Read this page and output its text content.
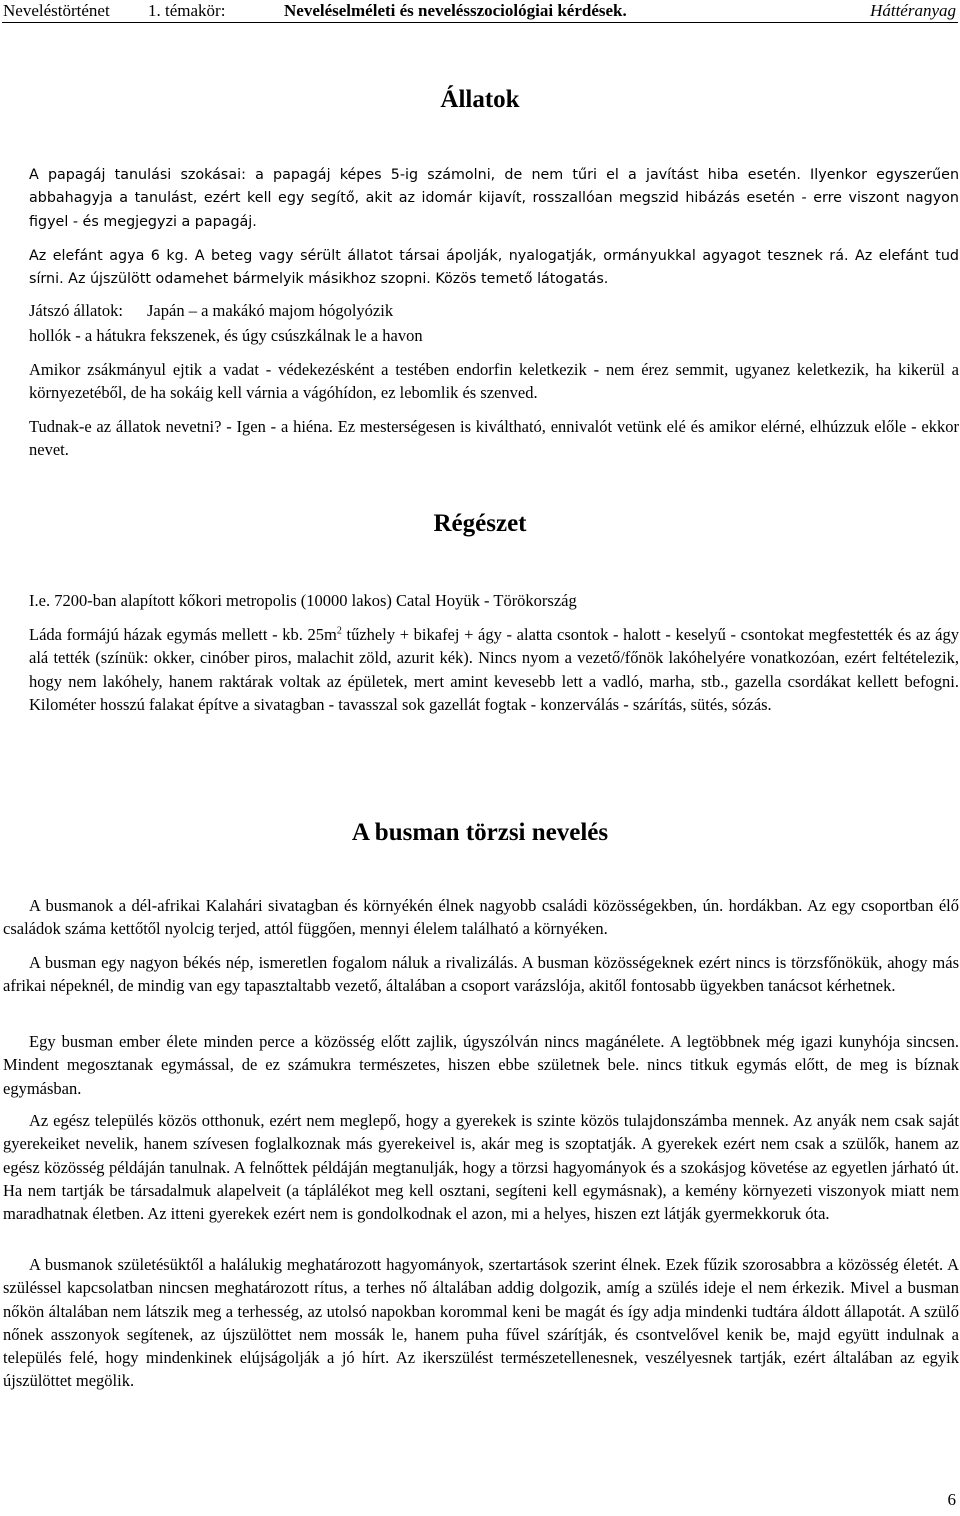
Neveléstörténet 1. témakör:	Neveléselméleti és nevelésszociológiai kérdések.	Háttéranyag
Állatok

A papagáj tanulási szokásai: a papagáj képes 5-ig számolni, de nem tűri el a javítást hiba esetén. Ilyenkor egyszerűen abbahagyja a tanulást, ezért kell egy segítő, akit az idomár kijavít, rosszallóan megszid hibázás esetén - erre viszont nagyon figyel - és megjegyzi a papagáj.

Az elefánt agya 6 kg. A beteg vagy sérült állatot társai ápolják, nyalogatják, ormányukkal agyagot tesznek rá. Az elefánt tud sírni. Az újszülött odamehet bármelyik másikhoz szopni. Közös temető látogatás.

Játszó állatok: Japán – a makákó majom hógolyózik
hollók - a hátukra fekszenek, és úgy csúszkálnak le a havon

Amikor zsákmányul ejtik a vadat - védekezésként a testében endorfin keletkezik - nem érez semmit, ugyanez keletkezik, ha kikerül a környezetéből, de ha sokáig kell várnia a vágóhídon, ez lebomlik és szenved.

Tudnak-e az állatok nevetni? - Igen - a hiéna. Ez mesterségesen is kiváltható, ennivalót vetünk elé és amikor elérné, elhúzzuk előle - ekkor nevet.

Régészet
I.e. 7200-ban alapított kőkori metropolis (10000 lakos) Catal Hoyük - Törökország

Láda formájú házak egymás mellett - kb. $25m^2$ tűzhely + bikafej + ágy - alatta csontok - halott - keselyű - csontokat megfestették és az ágy alá tették (színük: okker, cinóber piros, malachit zöld, azurit kék). Nincs nyom a vezető/főnök lakóhelyére vonatkozóan, ezért feltételezik, hogy nem lakóhely, hanem raktárak voltak az épületek, mert amint kevesebb lett a vadló, marha, stb., gazella csordákat kellett befogni. Kilométer hosszú falakat építve a sivatagban - tavasszal sok gazellát fogtak - konzerválás - szárítás, sütés, sózás.

A busman törzsi nevelés

A busmanok a dél-afrikai Kalahári sivatagban és környékén élnek nagyobb családi közösségekben, ún. hordákban. Az egy csoportban élő családok száma kettőtől nyolcig terjed, attól függően, mennyi élelem található a környéken.

A busman egy nagyon békés nép, ismeretlen fogalom náluk a rivalizálás. A busman közösségeknek ezért nincs is törzsfőnökük, ahogy más afrikai népeknél, de mindig van egy tapasztaltabb vezető, általában a csoport varázslója, akitől fontosabb ügyekben tanácsot kérhetnek.

Egy busman ember élete minden perce a közösség előtt zajlik, úgyszólván nincs magánélete. A legtöbbnek még igazi kunyhója sincsen. Mindent megosztanak egymással, de ez számukra természetes, hiszen ebbe születnek bele. nincs titkuk egymás előtt, de meg is bíznak egymásban.

Az egész település közös otthonuk, ezért nem meglepő, hogy a gyerekek is szinte közös tulajdonszámba mennek. Az anyák nem csak saját gyerekeiket nevelik, hanem szívesen foglalkoznak más gyerekeivel is, akár meg is szoptatják. A gyerekek ezért nem csak a szülők, hanem az egész közösség példáján tanulnak. A felnőttek példáján megtanulják, hogy a törzsi hagyományok és a szokásjog követése az egyetlen járható út. Ha nem tartják be társadalmuk alapelveit (a táplálékot meg kell osztani, segíteni kell egymásnak), a kemény környezeti viszonyok miatt nem maradhatnak életben. Az itteni gyerekek ezért nem is gondolkodnak el azon, mi a helyes, hiszen ezt látják gyermekkoruk óta.

A busmanok születésüktől a halálukig meghatározott hagyományok, szertartások szerint élnek. Ezek fűzik szorosabbra a közösség életét. A szüléssel kapcsolatban nincsen meghatározott rítus, a terhes nő általában addig dolgozik, amíg a szülés ideje el nem érkezik. Mivel a busman nőkön általában nem látszik meg a terhesség, az utolsó napokban korommal keni be magát és így adja mindenki tudtára áldott állapotát. A szülő nőnek asszonyok segítenek, az újszülöttet nem mossák le, hanem puha fűvel szárítják, és csontvelővel kenik be, majd együtt indulnak a település felé, hogy mindenkinek elújságolják a jó hírt. Az ikerszülést természetellenesnek, veszélyesnek tartják, ezért általában az egyik újszülöttet megölik.

6
